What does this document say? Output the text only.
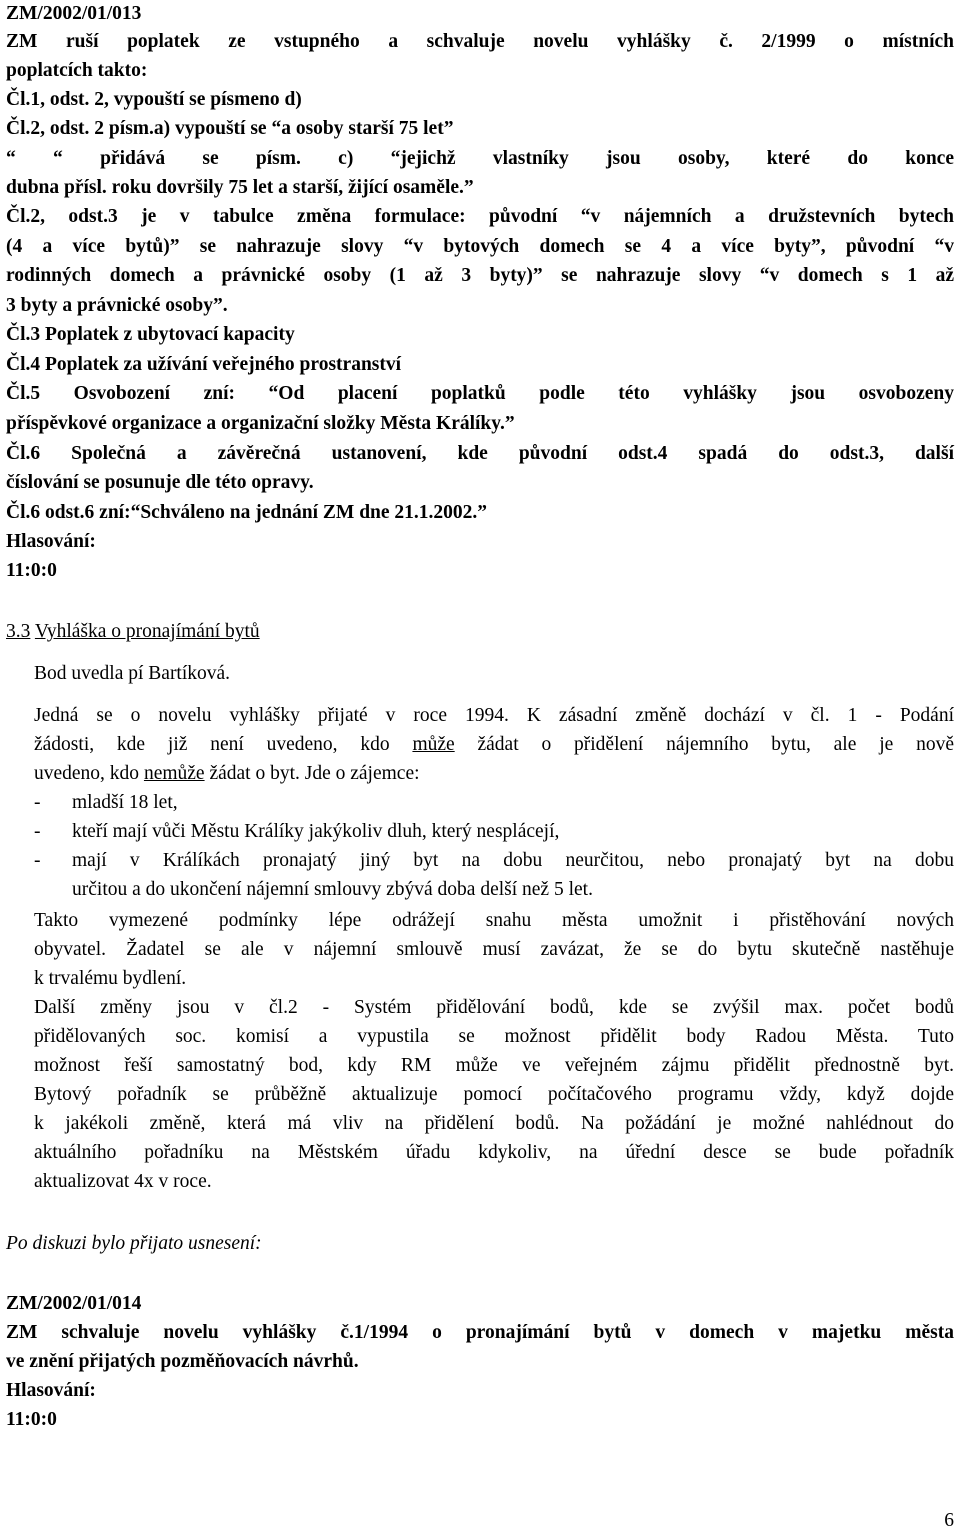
ZM/2002/01/013
ZM ruší poplatek ze vstupného a schvaluje novelu vyhlášky č. 2/1999 o místních
poplatcích takto:
Čl.1, odst. 2, vypouští se písmeno d)
Čl.2, odst. 2 písm.a) vypouští se “a osoby starší 75 let”
“ “ přidává se písm. c) “jejichž vlastníky jsou osoby, které do konce
dubna přísl. roku dovršily 75 let a starší, žijící osaměle.”
Čl.2, odst.3 je v tabulce změna formulace: původní “v nájemních a družstevních bytech
(4 a více bytů)” se nahrazuje slovy “v bytových domech se 4 a více byty”, původní “v
rodinných domech a právnické osoby (1 až 3 byty)” se nahrazuje slovy “v domech s 1 až
3 byty a právnické osoby”.
Čl.3 Poplatek z ubytovací kapacity
Čl.4 Poplatek za užívání veřejného prostranství
Čl.5 Osvobození zní: “Od placení poplatků podle této vyhlášky jsou osvobozeny
příspěvkové organizace a organizační složky Města Králíky.”
Čl.6 Společná a závěrečná ustanovení, kde původní odst.4 spadá do odst.3, další
číslování se posunuje dle této opravy.
Čl.6 odst.6 zní:“Schváleno na jednání ZM dne 21.1.2002.”
Hlasování:
11:0:0
3.3 Vyhláška o pronajímání bytů
Bod uvedla pí Bartíková.
Jedná se o novelu vyhlášky přijaté v roce 1994. K zásadní změně dochází v čl. 1 - Podání
žádosti, kde již není uvedeno, kdo může žádat o přidělení nájemního bytu, ale je nově
uvedeno, kdo nemůže žádat o byt. Jde o zájemce:
- mladší 18 let,
- kteří mají vůči Městu Králíky jakýkoliv dluh, který nesplácejí,
- mají v Králíkách pronajatý jiný byt na dobu neurčitou, nebo pronajatý byt na dobu
určitou a do ukončení nájemní smlouvy zbývá doba delší než 5 let.
Takto vymezené podmínky lépe odrážejí snahu města umožnit i přistěhování nových
obyvatel. Žadatel se ale v nájemní smlouvě musí zavázat, že se do bytu skutečně nastěhuje
k trvalému bydlení.
Další změny jsou v čl.2 - Systém přidělování bodů, kde se zvýšil max. počet bodů
přidělovaných soc. komisí a vypustila se možnost přidělit body Radou Města. Tuto
možnost řeší samostatný bod, kdy RM může ve veřejném zájmu přidělit přednostně byt.
Bytový pořadník se průběžně aktualizuje pomocí počítačového programu vždy, když dojde
k jakékoli změně, která má vliv na přidělení bodů. Na požádání je možné nahlédnout do
aktuálního pořadníku na Městském úřadu kdykoliv, na úřední desce se bude pořadník
aktualizovat 4x v roce.
Po diskuzi bylo přijato usnesení:
ZM/2002/01/014
ZM schvaluje novelu vyhlášky č.1/1994 o pronajímání bytů v domech v majetku města
ve znění přijatých pozměňovacích návrhů.
Hlasování:
11:0:0
6
